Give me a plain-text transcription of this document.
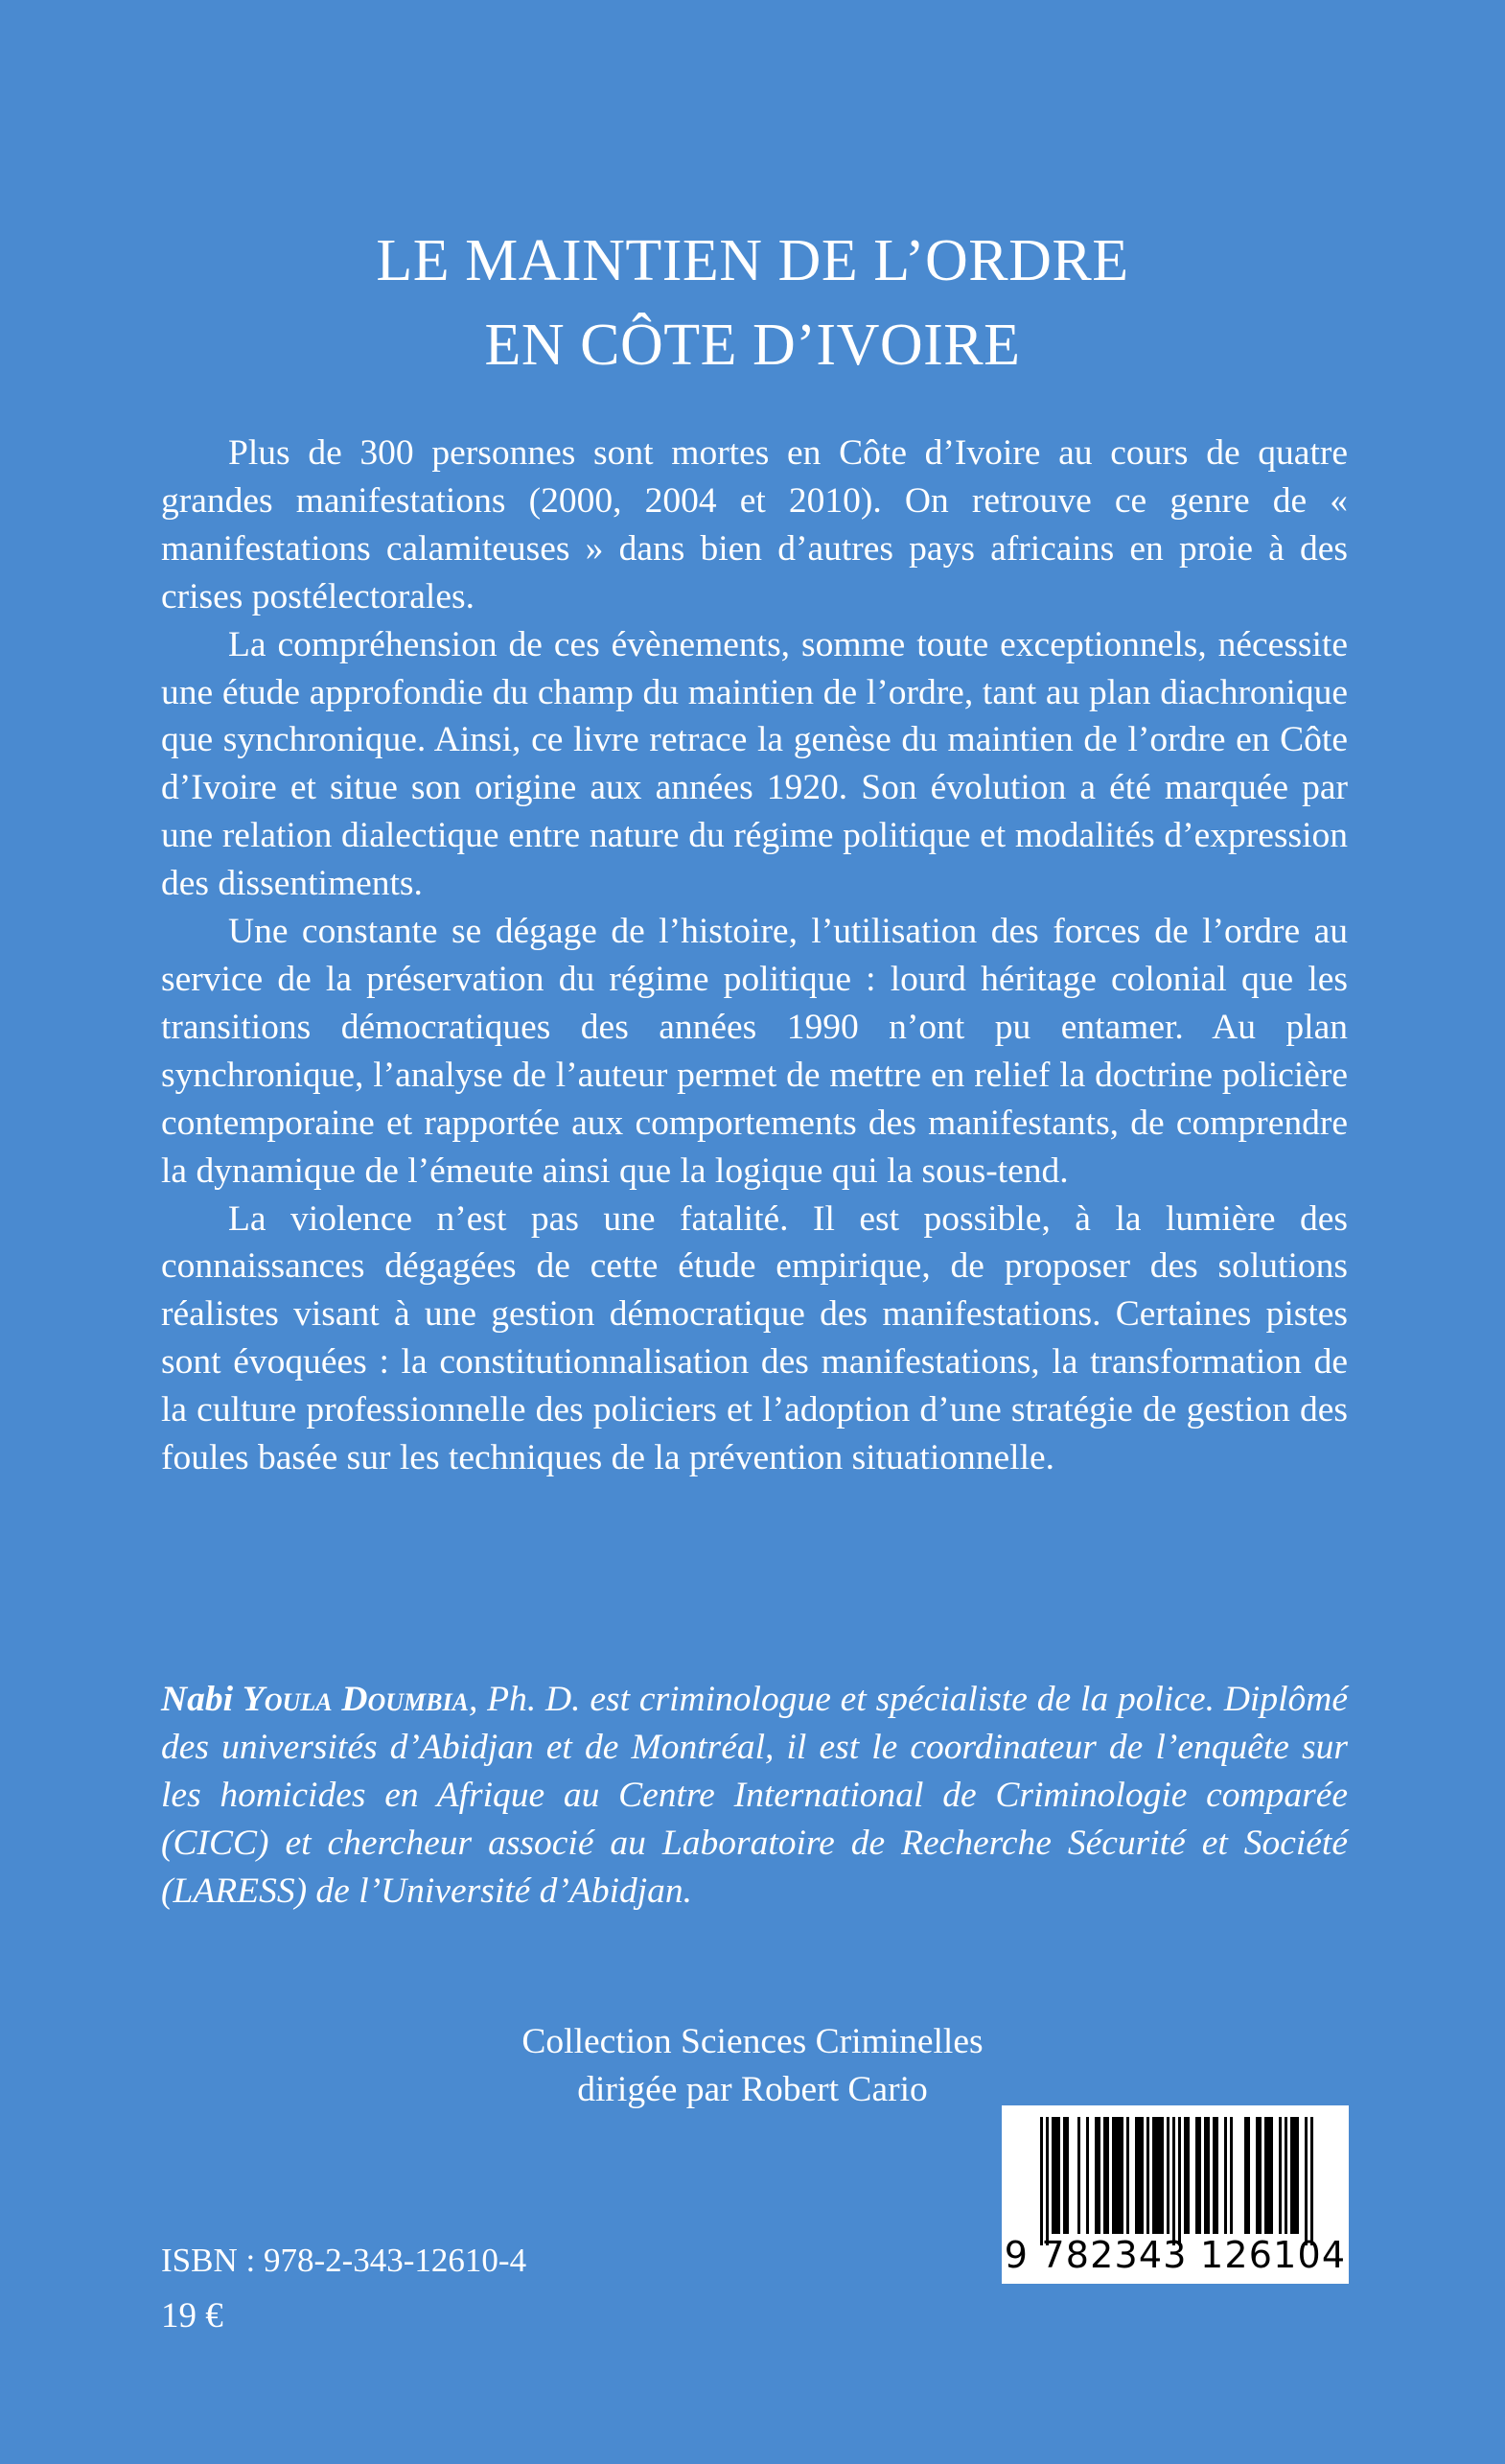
LE MAINTIEN DE L’ORDRE
EN CÔTE D’IVOIRE

Plus de 300 personnes sont mortes en Côte d’Ivoire au cours de quatre grandes manifestations (2000, 2004 et 2010). On retrouve ce genre de « manifestations calamiteuses » dans bien d’autres pays africains en proie à des crises postélectorales.

La compréhension de ces évènements, somme toute exceptionnels, nécessite une étude approfondie du champ du maintien de l’ordre, tant au plan diachronique que synchronique. Ainsi, ce livre retrace la genèse du maintien de l’ordre en Côte d’Ivoire et situe son origine aux années 1920. Son évolution a été marquée par une relation dialectique entre nature du régime politique et modalités d’expression des dissentiments.

Une constante se dégage de l’histoire, l’utilisation des forces de l’ordre au service de la préservation du régime politique : lourd héritage colonial que les transitions démocratiques des années 1990 n’ont pu entamer. Au plan synchronique, l’analyse de l’auteur permet de mettre en relief la doctrine policière contemporaine et rapportée aux comportements des manifestants, de comprendre la dynamique de l’émeute ainsi que la logique qui la sous-tend.

La violence n’est pas une fatalité. Il est possible, à la lumière des connaissances dégagées de cette étude empirique, de proposer des solutions réalistes visant à une gestion démocratique des manifestations. Certaines pistes sont évoquées : la constitutionnalisation des manifestations, la transformation de la culture professionnelle des policiers et l’adoption d’une stratégie de gestion des foules basée sur les techniques de la prévention situationnelle.

Nabi Youla Doumbia, Ph. D. est criminologue et spécialiste de la police. Diplômé des universités d’Abidjan et de Montréal, il est le coordinateur de l’enquête sur les homicides en Afrique au Centre International de Criminologie comparée (CICC) et chercheur associé au Laboratoire de Recherche Sécurité et Société (LARESS) de l’Université d’Abidjan.
Collection Sciences Criminelles
dirigée par Robert Cario
ISBN : 978-2-343-12610-4
19 €
9 782343 126104
